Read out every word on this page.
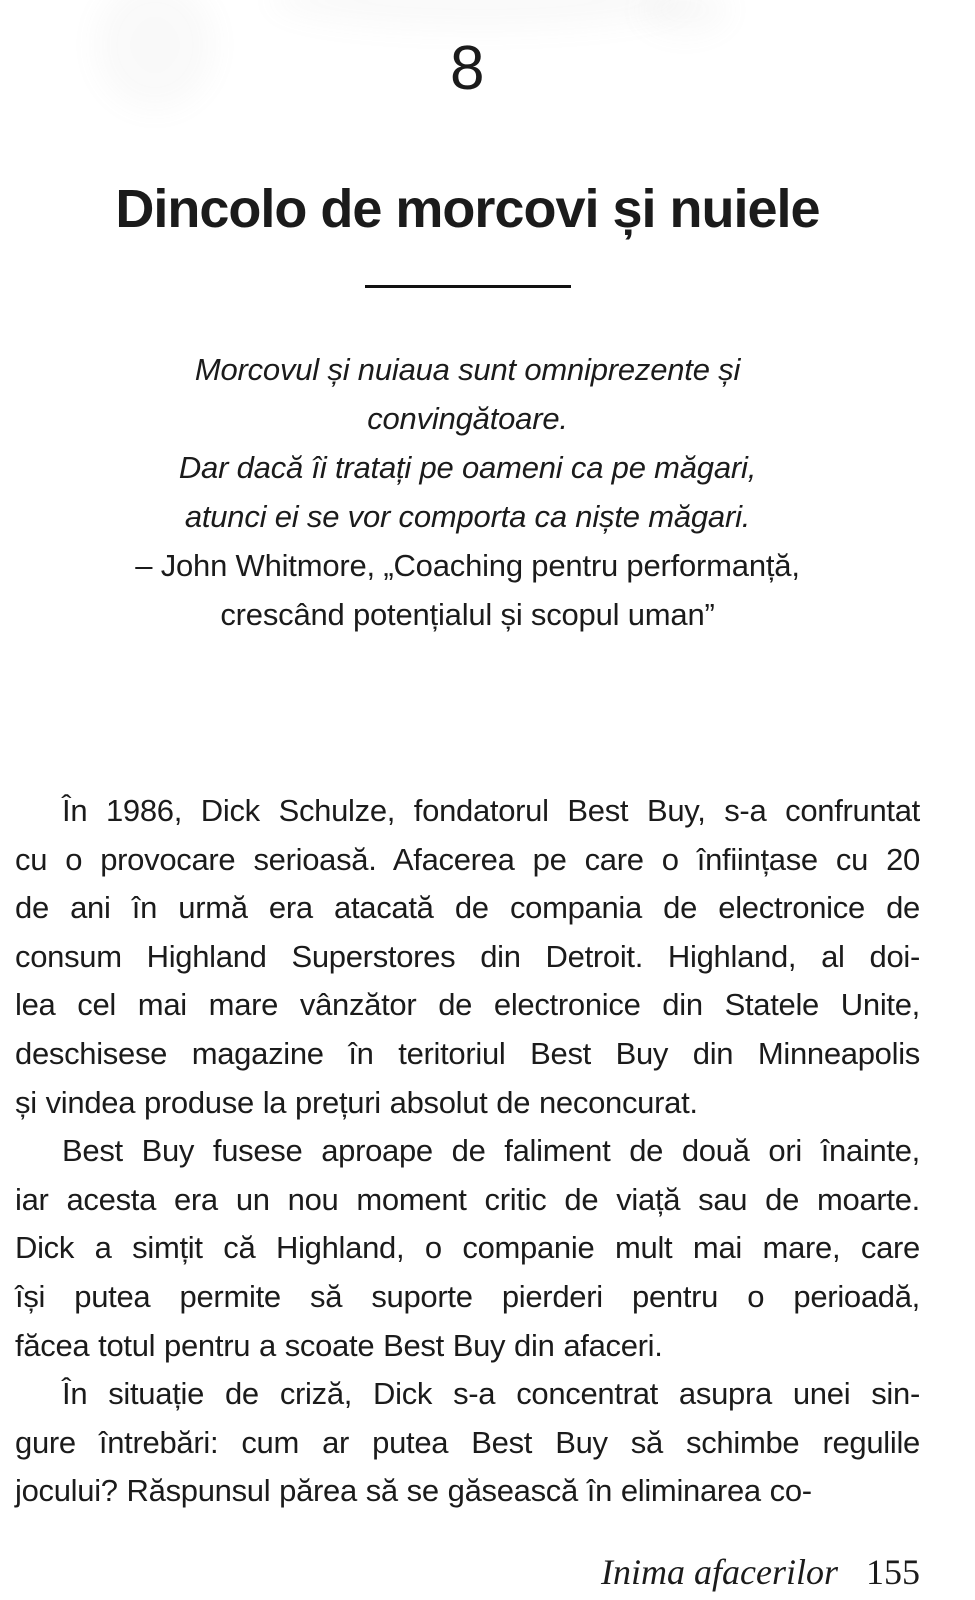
8
Dincolo de morcovi și nuiele
Morcovul și nuiaua sunt omniprezente și
convingătoare.
Dar dacă îi tratați pe oameni ca pe măgari,
atunci ei se vor comporta ca niște măgari.
– John Whitmore, „Coaching pentru performanță,
crescând potențialul și scopul uman”
În 1986, Dick Schulze, fondatorul Best Buy, s-a confruntat
cu o provocare serioasă. Afacerea pe care o înființase cu 20
de ani în urmă era atacată de compania de electronice de
consum Highland Superstores din Detroit. Highland, al doi-
lea cel mai mare vânzător de electronice din Statele Unite,
deschisese magazine în teritoriul Best Buy din Minneapolis
și vindea produse la prețuri absolut de neconcurat.
Best Buy fusese aproape de faliment de două ori înainte,
iar acesta era un nou moment critic de viață sau de moarte.
Dick a simțit că Highland, o companie mult mai mare, care
își putea permite să suporte pierderi pentru o perioadă,
făcea totul pentru a scoate Best Buy din afaceri.
În situație de criză, Dick s-a concentrat asupra unei sin-
gure întrebări: cum ar putea Best Buy să schimbe regulile
jocului? Răspunsul părea să se găsească în eliminarea co-
Inima afacerilor 155
